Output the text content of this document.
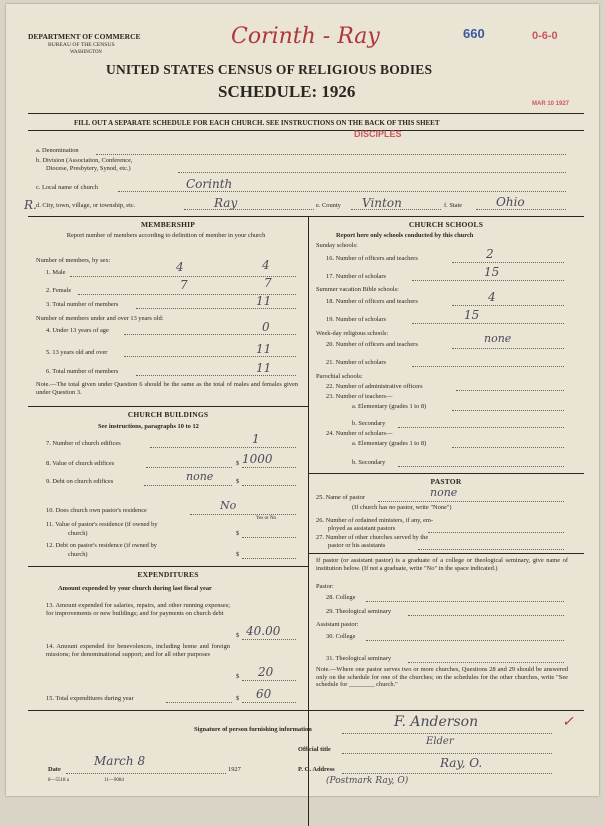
DEPARTMENT OF COMMERCE
BUREAU OF THE CENSUS
WASHINGTON
Corinth - Ray	660	0-6-0
UNITED STATES CENSUS OF RELIGIOUS BODIES
SCHEDULE: 1926
MAR 10 1927
FILL OUT A SEPARATE SCHEDULE FOR EACH CHURCH. SEE INSTRUCTIONS ON THE BACK OF THIS SHEET
DISCIPLES
a. Denomination
b. Division (Association, Conference,
Diocese, Presbytery, Synod, etc.)
c. Local name of church	Corinth
R. d. City, town, village, or township, etc.	Ray	e. County Vinton	f. State	Ohio
MEMBERSHIP
Report number of members according to definition of member in your church
Number of members, by sex:
1. Male	4	4
2. Female	7	7
3. Total number of members	11
Number of members under and over 13 years old:
4. Under 13 years of age	0
5. 13 years old and over	11
6. Total number of members	11
Note.—The total given under Question 6 should be the same as the total of males and females given under Question 3.
CHURCH BUILDINGS
See instructions, paragraphs 10 to 12
7. Number of church edifices	1
8. Value of church edifices	$ 1000
9. Debt on church edifices	none	$
10. Does church own pastor's residence	No
Yes or No
11. Value of pastor's residence (if owned by
church)	$
12. Debt on pastor's residence (if owned by
church)	$
EXPENDITURES
Amount expended by your church during last fiscal year
13. Amount expended for salaries, repairs, and other running expenses; for improvements or new buildings; and for payments on church debt
$ 40.00
14. Amount expended for benevolences, including home and foreign missions; for denominational support; and for all other purposes
$ 20
15. Total expenditures during year	$ 60
CHURCH SCHOOLS
Report here only schools conducted by this church
Sunday schools:
16. Number of officers and teachers	2
17. Number of scholars	15
Summer vacation Bible schools:
18. Number of officers and teachers	4
19. Number of scholars	15
Week-day religious schools:
20. Number of officers and teachers	none
21. Number of scholars
Parochial schools:
22. Number of administrative officers
23. Number of teachers—
a. Elementary (grades 1 to 8)
b. Secondary
24. Number of scholars—
a. Elementary (grades 1 to 8)
b. Secondary
PASTOR
25. Name of pastor	none
(If church has no pastor, write "None")
26. Number of ordained ministers, if any, em-
ployed as assistant pastors
27. Number of other churches served by the
pastor or his assistants
If pastor (or assistant pastor) is a graduate of a college or theological seminary, give name of institution below. (If not a graduate, write "No" in the space indicated.)
Pastor:
28. College
29. Theological seminary
Assistant pastor:
30. College
31. Theological seminary
Note.—Where one pastor serves two or more churches, Questions 28 and 29 should be answered only on the schedule for one of the churches; on the schedules for the other churches, write "See schedule for ________ church."
Signature of person furnishing information	F. Anderson	✓
Official title
Elder
Date
March 8
1927	P. O. Address	Ray, O.
8—5518 a	11—9084	(Postmark Ray, O)
